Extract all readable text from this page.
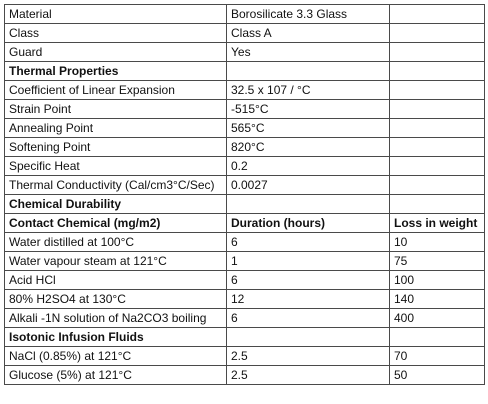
Material	Borosilicate 3.3 Glass	
Class	Class A	
Guard	Yes	
Thermal Properties		
Coefficient of Linear Expansion	32.5 x 107 / °C	
Strain Point	-515°C	
Annealing Point	565°C	
Softening Point	820°C	
Specific Heat	0.2	
Thermal Conductivity (Cal/cm3°C/Sec)	0.0027	
Chemical Durability		
Contact Chemical (mg/m2)	Duration (hours)	Loss in weight
Water distilled at 100°C	6	10
Water vapour steam at 121°C	1	75
Acid HCl	6	100
80% H2SO4 at 130°C	12	140
Alkali -1N solution of Na2CO3 boiling	6	400
Isotonic Infusion Fluids		
NaCl (0.85%) at 121°C	2.5	70
Glucose (5%) at 121°C	2.5	50
